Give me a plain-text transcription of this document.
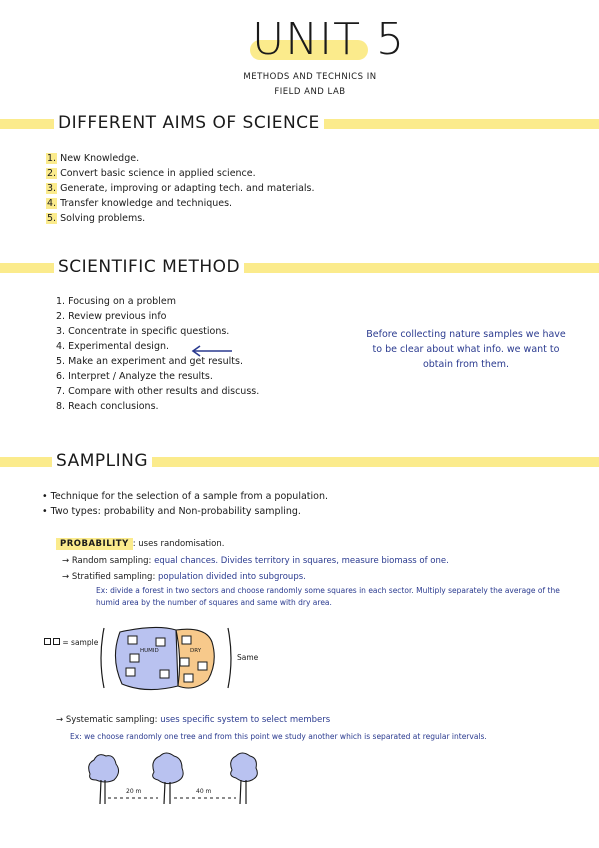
UNIT 5
METHODS AND TECHNICS IN
FIELD AND LAB
DIFFERENT AIMS OF SCIENCE
1. New Knowledge.
2. Convert basic science in applied science.
3. Generate, improving or adapting tech. and materials.
4. Transfer knowledge and techniques.
5. Solving problems.
SCIENTIFIC METHOD
1. Focusing on a problem
2. Review previous info
3. Concentrate in specific questions.
4. Experimental design.
5. Make an experiment and get results.
6. Interpret / Analyze the results.
7. Compare with other results and discuss.
8. Reach conclusions.
Before collecting nature samples we have to be clear about what info. we want to obtain from them.
SAMPLING
• Technique for the selection of a sample from a population.
• Two types: probability and Non-probability sampling.
PROBABILITY : uses randomisation.
→ Random sampling: equal chances. Divides territory in squares, measure biomass of one.
→ Stratified sampling: population divided into subgroups.
Ex: divide a forest in two sectors and choose randomly some squares in each sector. Multiply separately the average of the humid area by the number of squares and same with dry area.
= sample
HUMID	DRY
Same
→ Systematic sampling: uses specific system to select members
Ex: we choose randomly one tree and from this point we study another which is separated at regular intervals.
20 m	40 m
